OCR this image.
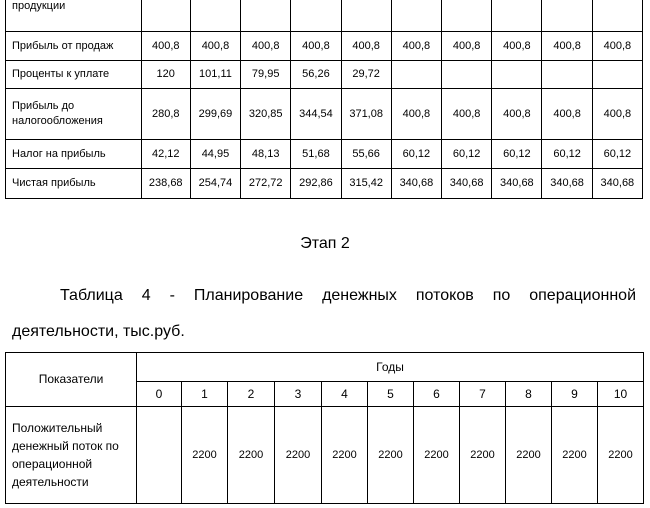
продукции										
Прибыль от продаж	400,8	400,8	400,8	400,8	400,8	400,8	400,8	400,8	400,8	400,8
Проценты к уплате	120	101,11	79,95	56,26	29,72					
Прибыль до налогообложения	280,8	299,69	320,85	344,54	371,08	400,8	400,8	400,8	400,8	400,8
Налог на прибыль	42,12	44,95	48,13	51,68	55,66	60,12	60,12	60,12	60,12	60,12
Чистая прибыль	238,68	254,74	272,72	292,86	315,42	340,68	340,68	340,68	340,68	340,68
Этап 2
Таблица 4 - Планирование денежных потоков по операционной деятельности, тыс.руб.
Показатели	Годы										
	0	1	2	3	4	5	6	7	8	9	10
Положительный денежный поток по операционной деятельности		2200	2200	2200	2200	2200	2200	2200	2200	2200	2200
